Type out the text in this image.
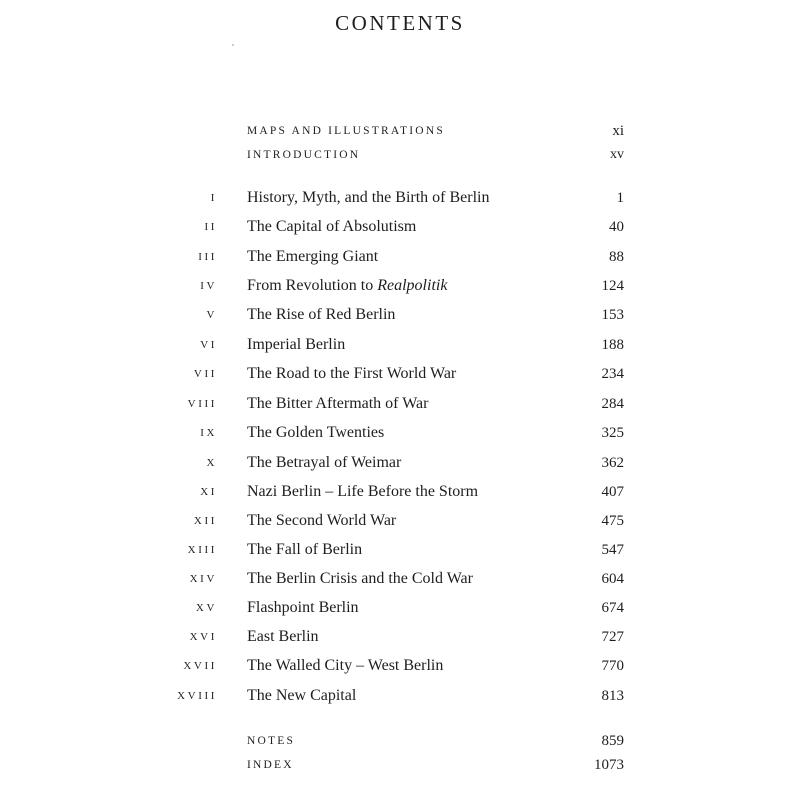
CONTENTS
MAPS AND ILLUSTRATIONS	xi
INTRODUCTION	xv
I History, Myth, and the Birth of Berlin	1
II The Capital of Absolutism	40
III The Emerging Giant	88
IV From Revolution to Realpolitik	124
V The Rise of Red Berlin	153
VI Imperial Berlin	188
VII The Road to the First World War	234
VIII The Bitter Aftermath of War	284
IX The Golden Twenties	325
X The Betrayal of Weimar	362
XI Nazi Berlin – Life Before the Storm	407
XII The Second World War	475
XIII The Fall of Berlin	547
XIV The Berlin Crisis and the Cold War	604
XV Flashpoint Berlin	674
XVI East Berlin	727
XVII The Walled City – West Berlin	770
XVIII The New Capital	813
NOTES	859
INDEX	1073
